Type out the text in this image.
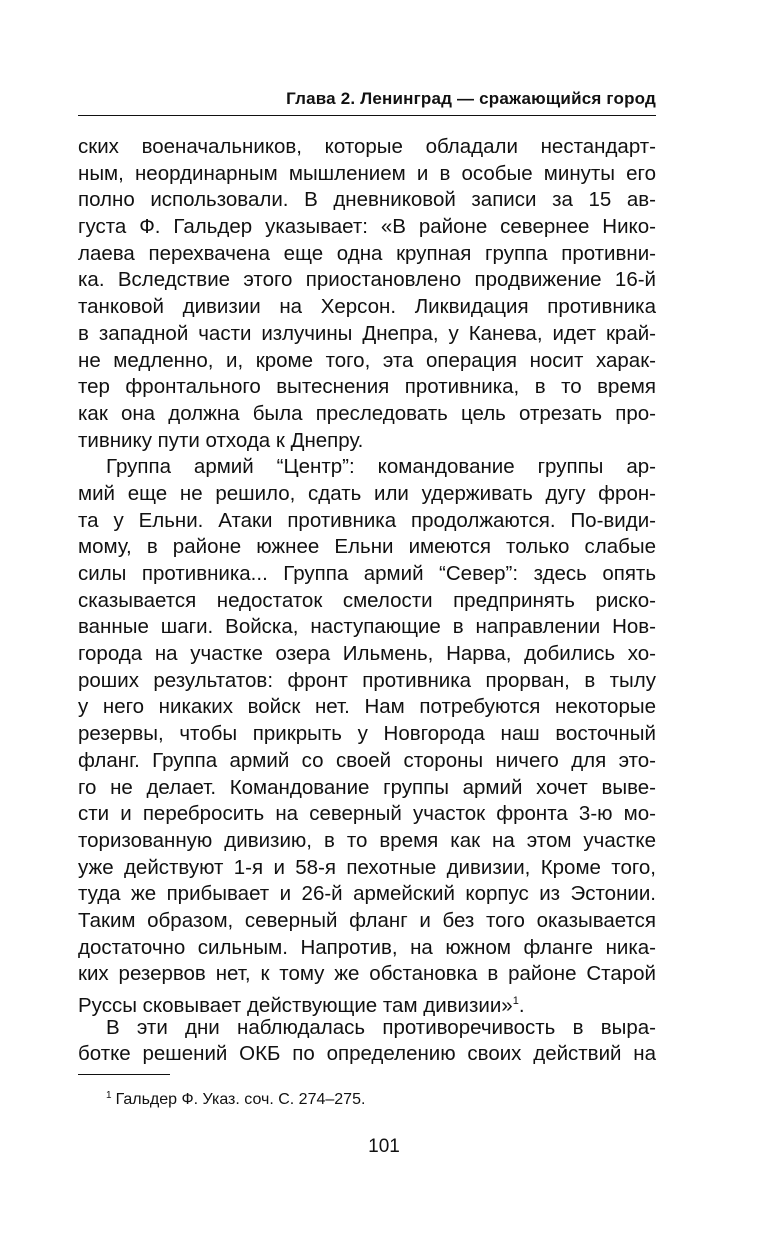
Глава 2. Ленинград — сражающийся город
ских военачальников, которые обладали нестандарт-
ным, неординарным мышлением и в особые минуты его
полно использовали. В дневниковой записи за 15 ав-
густа Ф. Гальдер указывает: «В районе севернее Нико-
лаева перехвачена еще одна крупная группа противни-
ка. Вследствие этого приостановлено продвижение 16-й
танковой дивизии на Херсон. Ликвидация противника
в западной части излучины Днепра, у Канева, идет край-
не медленно, и, кроме того, эта операция носит харак-
тер фронтального вытеснения противника, в то время
как она должна была преследовать цель отрезать про-
тивнику пути отхода к Днепру.
Группа армий “Центр”: командование группы ар-
мий еще не решило, сдать или удерживать дугу фрон-
та у Ельни. Атаки противника продолжаются. По-види-
мому, в районе южнее Ельни имеются только слабые
силы противника... Группа армий “Север”: здесь опять
сказывается недостаток смелости предпринять риско-
ванные шаги. Войска, наступающие в направлении Нов-
города на участке озера Ильмень, Нарва, добились хо-
роших результатов: фронт противника прорван, в тылу
у него никаких войск нет. Нам потребуются некоторые
резервы, чтобы прикрыть у Новгорода наш восточный
фланг. Группа армий со своей стороны ничего для это-
го не делает. Командование группы армий хочет выве-
сти и перебросить на северный участок фронта 3-ю мо-
торизованную дивизию, в то время как на этом участке
уже действуют 1-я и 58-я пехотные дивизии, Кроме того,
туда же прибывает и 26-й армейский корпус из Эстонии.
Таким образом, северный фланг и без того оказывается
достаточно сильным. Напротив, на южном фланге ника-
ких резервов нет, к тому же обстановка в районе Старой
Руссы сковывает действующие там дивизии»$^1$.
В эти дни наблюдалась противоречивость в выра-
ботке решений ОКБ по определению своих действий на
$^1$ Гальдер Ф. Указ. соч. С. 274–275.
101
